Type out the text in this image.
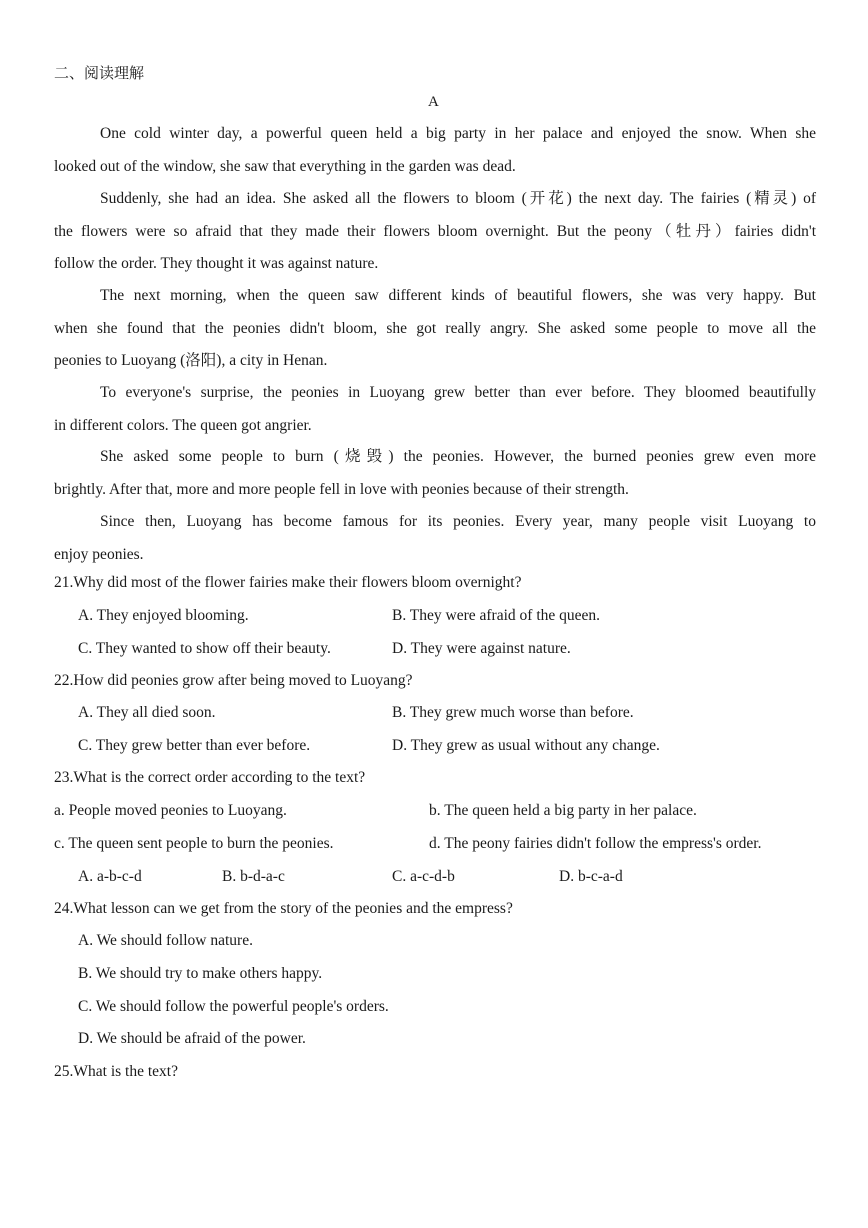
二、阅读理解
A
One cold winter day, a powerful queen held a big party in her palace and enjoyed the snow. When she
looked out of the window, she saw that everything in the garden was dead.
Suddenly, she had an idea. She asked all the flowers to bloom (开花) the next day. The fairies (精灵) of
the flowers were so afraid that they made their flowers bloom overnight. But the peony（牡丹）fairies didn't
follow the order. They thought it was against nature.
The next morning, when the queen saw different kinds of beautiful flowers, she was very happy. But
when she found that the peonies didn't bloom, she got really angry. She asked some people to move all the
peonies to Luoyang (洛阳), a city in Henan.
To everyone's surprise, the peonies in Luoyang grew better than ever before. They bloomed beautifully
in different colors. The queen got angrier.
She asked some people to burn (烧毁) the peonies. However, the burned peonies grew even more
brightly. After that, more and more people fell in love with peonies because of their strength.
Since then, Luoyang has become famous for its peonies. Every year, many people visit Luoyang to
enjoy peonies.
21.Why did most of the flower fairies make their flowers bloom overnight?
A. They enjoyed blooming.	B. They were afraid of the queen.
C. They wanted to show off their beauty.	D. They were against nature.
22.How did peonies grow after being moved to Luoyang?
A. They all died soon.	B. They grew much worse than before.
C. They grew better than ever before.	D. They grew as usual without any change.
23.What is the correct order according to the text?
a. People moved peonies to Luoyang.	b. The queen held a big party in her palace.
c. The queen sent people to burn the peonies.	d. The peony fairies didn't follow the empress's order.
A. a-b-c-d	B. b-d-a-c	C. a-c-d-b	D. b-c-a-d
24.What lesson can we get from the story of the peonies and the empress?
A. We should follow nature.
B. We should try to make others happy.
C. We should follow the powerful people's orders.
D. We should be afraid of the power.
25.What is the text?
